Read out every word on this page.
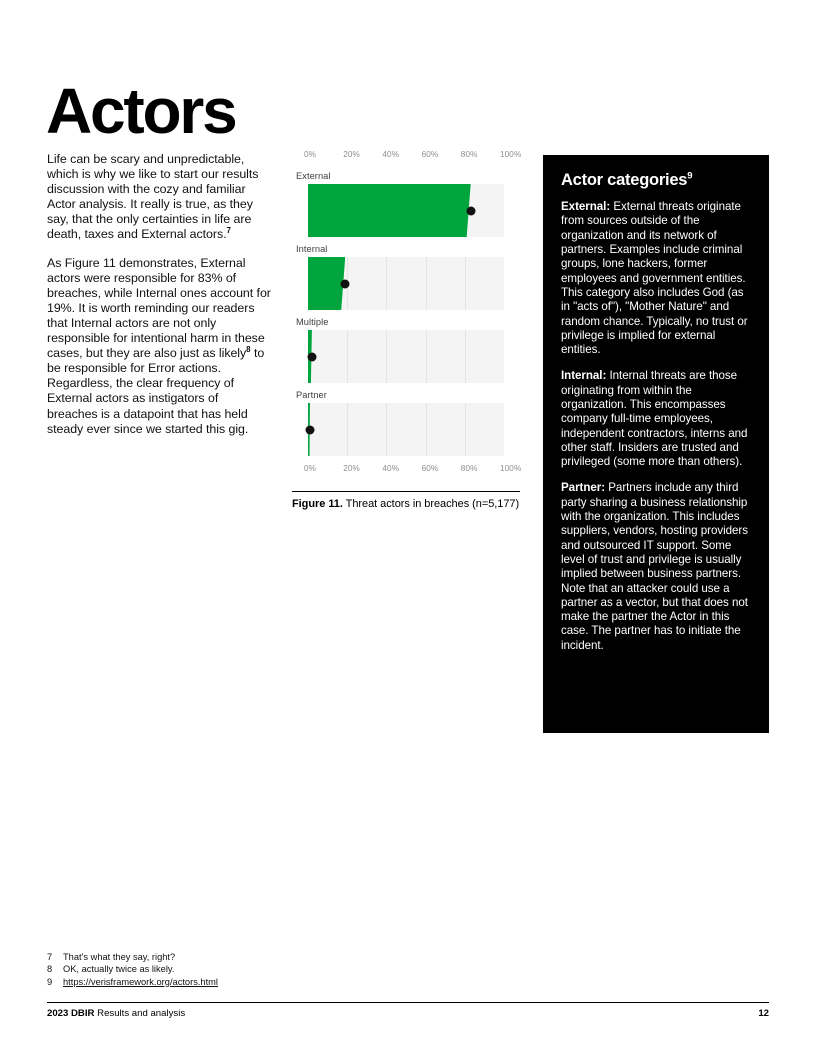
Actors

Life can be scary and unpredictable, which is why we like to start our results discussion with the cozy and familiar Actor analysis. It really is true, as they say, that the only certainties in life are death, taxes and External actors.$^7$

As Figure 11 demonstrates, External actors were responsible for 83% of breaches, while Internal ones account for 19%. It is worth reminding our readers that Internal actors are not only responsible for intentional harm in these cases, but they are also just as likely$^8$ to be responsible for Error actions. Regardless, the clear frequency of External actors as instigators of breaches is a datapoint that has held steady ever since we started this gig.

0%	20%	40%	60%	80%	100%
External
Internal
Multiple
Partner
0%	20%	40%	60%	80%	100%
Figure 11. Threat actors in breaches (n=5,177)
Actor categories$^9$

External: External threats originate from sources outside of the organization and its network of partners. Examples include criminal groups, lone hackers, former employees and government entities. This category also includes God (as in "acts of"), "Mother Nature" and random chance. Typically, no trust or privilege is implied for external entities.

Internal: Internal threats are those originating from within the organization. This encompasses company full-time employees, independent contractors, interns and other staff. Insiders are trusted and privileged (some more than others).

Partner: Partners include any third party sharing a business relationship with the organization. This includes suppliers, vendors, hosting providers and outsourced IT support. Some level of trust and privilege is usually implied between business partners. Note that an attacker could use a partner as a vector, but that does not make the partner the Actor in this case. The partner has to initiate the incident.

7	That's what they say, right?
8	OK, actually twice as likely.
9	https://verisframework.org/actors.html
2023 DBIR Results and analysis	12
